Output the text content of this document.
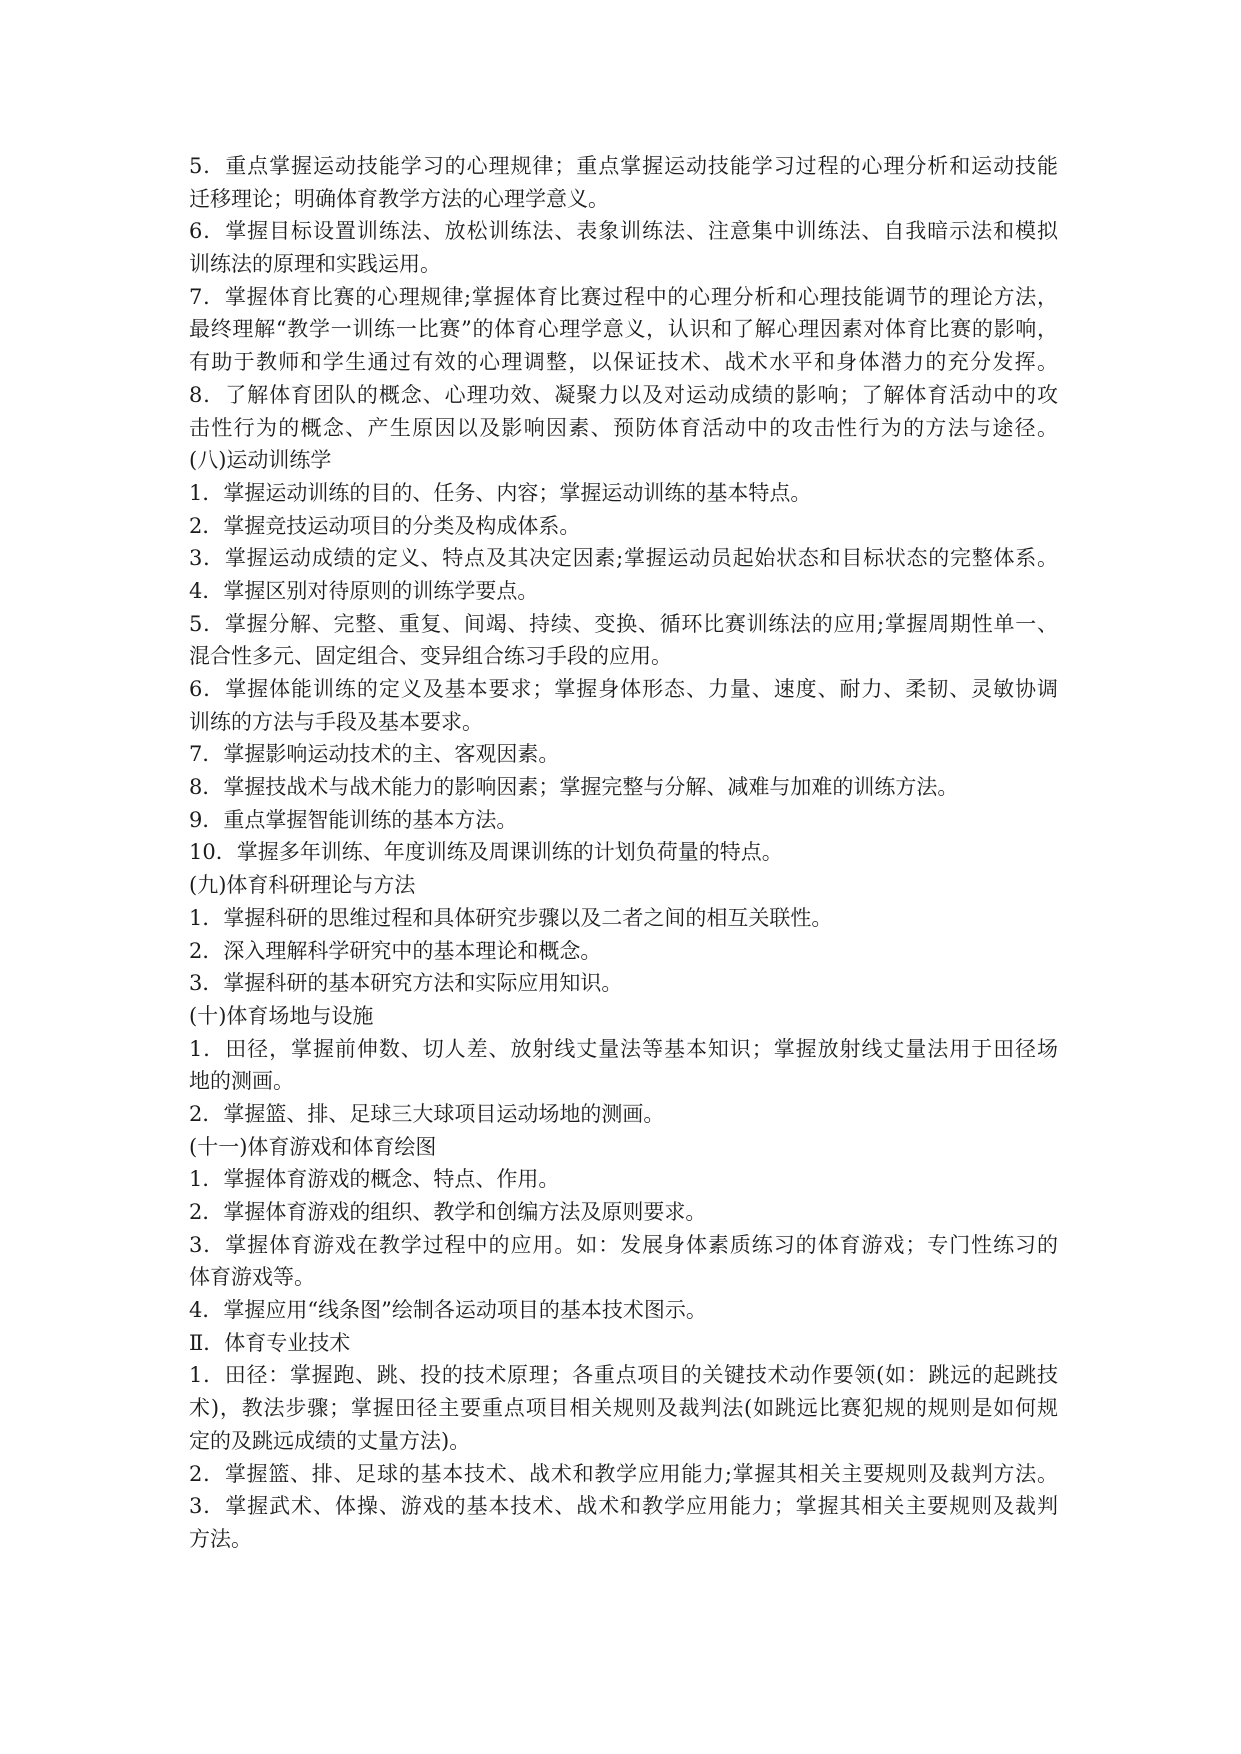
5．重点掌握运动技能学习的心理规律；重点掌握运动技能学习过程的心理分析和运动技能
迁移理论；明确体育教学方法的心理学意义。
6．掌握目标设置训练法、放松训练法、表象训练法、注意集中训练法、自我暗示法和模拟
训练法的原理和实践运用。
7．掌握体育比赛的心理规律;掌握体育比赛过程中的心理分析和心理技能调节的理论方法，
最终理解“教学一训练一比赛”的体育心理学意义，认识和了解心理因素对体育比赛的影响，
有助于教师和学生通过有效的心理调整，以保证技术、战术水平和身体潜力的充分发挥。
8．了解体育团队的概念、心理功效、凝聚力以及对运动成绩的影响；了解体育活动中的攻
击性行为的概念、产生原因以及影响因素、预防体育活动中的攻击性行为的方法与途径。
(八)运动训练学
1．掌握运动训练的目的、任务、内容；掌握运动训练的基本特点。
2．掌握竞技运动项目的分类及构成体系。
3．掌握运动成绩的定义、特点及其决定因素;掌握运动员起始状态和目标状态的完整体系。
4．掌握区别对待原则的训练学要点。
5．掌握分解、完整、重复、间竭、持续、变换、循环比赛训练法的应用;掌握周期性单一、
混合性多元、固定组合、变异组合练习手段的应用。
6．掌握体能训练的定义及基本要求；掌握身体形态、力量、速度、耐力、柔韧、灵敏协调
训练的方法与手段及基本要求。
7．掌握影响运动技术的主、客观因素。
8．掌握技战术与战术能力的影响因素；掌握完整与分解、减难与加难的训练方法。
9．重点掌握智能训练的基本方法。
10．掌握多年训练、年度训练及周课训练的计划负荷量的特点。
(九)体育科研理论与方法
1．掌握科研的思维过程和具体研究步骤以及二者之间的相互关联性。
2．深入理解科学研究中的基本理论和概念。
3．掌握科研的基本研究方法和实际应用知识。
(十)体育场地与设施
1．田径，掌握前伸数、切人差、放射线丈量法等基本知识；掌握放射线丈量法用于田径场
地的测画。
2．掌握篮、排、足球三大球项目运动场地的测画。
(十一)体育游戏和体育绘图
1．掌握体育游戏的概念、特点、作用。
2．掌握体育游戏的组织、教学和创编方法及原则要求。
3．掌握体育游戏在教学过程中的应用。如：发展身体素质练习的体育游戏；专门性练习的
体育游戏等。
4．掌握应用“线条图”绘制各运动项目的基本技术图示。
Ⅱ．体育专业技术
1．田径：掌握跑、跳、投的技术原理；各重点项目的关键技术动作要领(如：跳远的起跳技
术)，教法步骤；掌握田径主要重点项目相关规则及裁判法(如跳远比赛犯规的规则是如何规
定的及跳远成绩的丈量方法)。
2．掌握篮、排、足球的基本技术、战术和教学应用能力;掌握其相关主要规则及裁判方法。
3．掌握武术、体操、游戏的基本技术、战术和教学应用能力；掌握其相关主要规则及裁判
方法。
